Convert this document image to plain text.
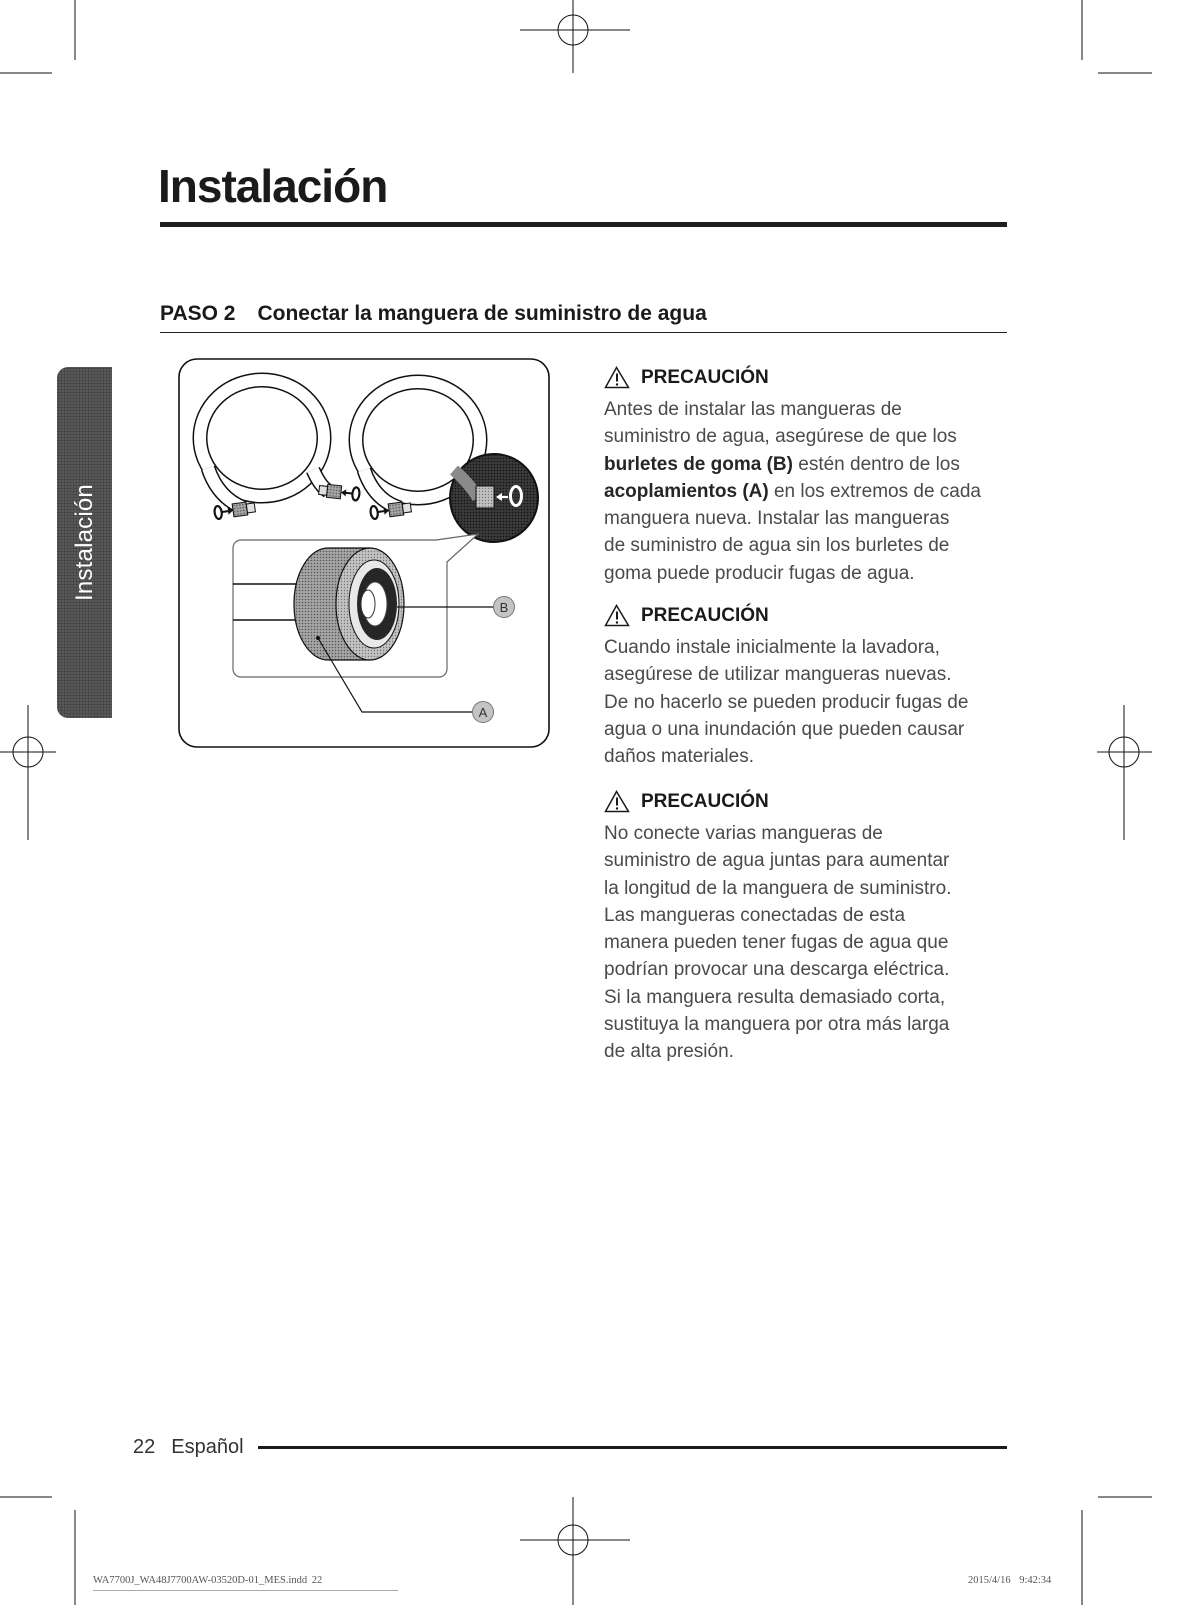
Instalación
Instalación
PASO 2 Conectar la manguera de suministro de agua
B
A
PRECAUCIÓN
Antes de instalar las mangueras de
suministro de agua, asegúrese de que los
burletes de goma (B) estén dentro de los
acoplamientos (A) en los extremos de cada
manguera nueva. Instalar las mangueras
de suministro de agua sin los burletes de
goma puede producir fugas de agua.
PRECAUCIÓN
Cuando instale inicialmente la lavadora,
asegúrese de utilizar mangueras nuevas.
De no hacerlo se pueden producir fugas de
agua o una inundación que pueden causar
daños materiales.
PRECAUCIÓN
No conecte varias mangueras de
suministro de agua juntas para aumentar
la longitud de la manguera de suministro.
Las mangueras conectadas de esta
manera pueden tener fugas de agua que
podrían provocar una descarga eléctrica.
Si la manguera resulta demasiado corta,
sustituya la manguera por otra más larga
de alta presión.
22 Español
WA7700J_WA48J7700AW-03520D-01_MES.indd 22	2015/4/16 9:42:34
